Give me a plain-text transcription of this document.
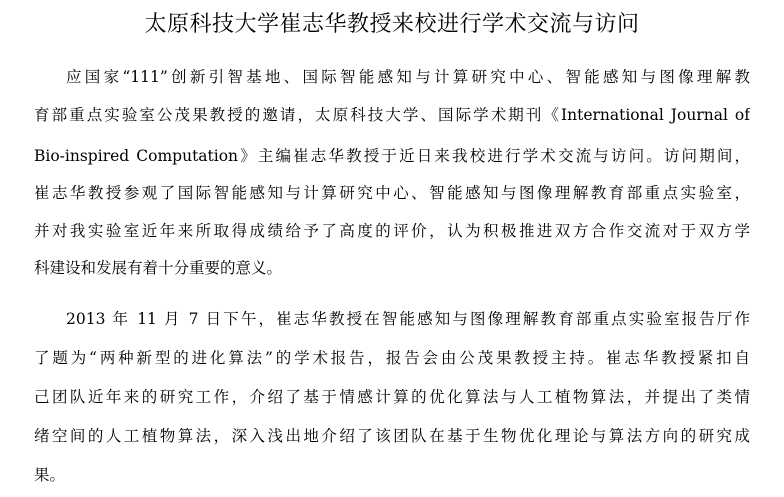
太原科技大学崔志华教授来校进行学术交流与访问
应国家“111”创新引智基地、国际智能感知与计算研究中心、智能感知与图像理解教
育部重点实验室公茂果教授的邀请，太原科技大学、国际学术期刊《International Journal of
Bio-inspired Computation》主编崔志华教授于近日来我校进行学术交流与访问。访问期间，
崔志华教授参观了国际智能感知与计算研究中心、智能感知与图像理解教育部重点实验室，
并对我实验室近年来所取得成绩给予了高度的评价，认为积极推进双方合作交流对于双方学
科建设和发展有着十分重要的意义。
2013 年 11 月 7 日下午，崔志华教授在智能感知与图像理解教育部重点实验室报告厅作
了题为“两种新型的进化算法”的学术报告，报告会由公茂果教授主持。崔志华教授紧扣自
己团队近年来的研究工作，介绍了基于情感计算的优化算法与人工植物算法，并提出了类情
绪空间的人工植物算法，深入浅出地介绍了该团队在基于生物优化理论与算法方向的研究成
果。
